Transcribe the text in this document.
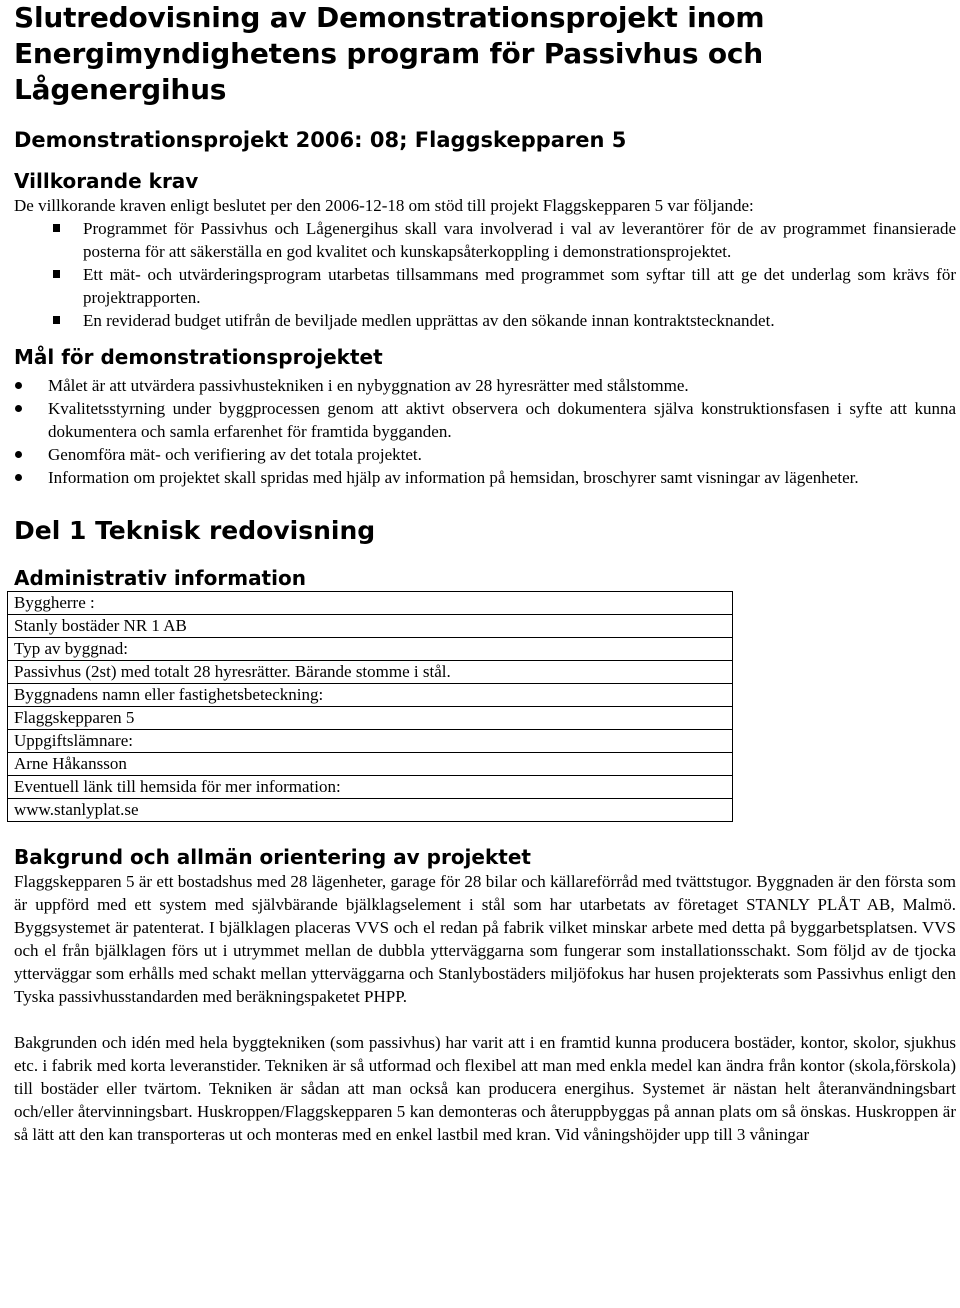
Slutredovisning av Demonstrationsprojekt inom
Energimyndighetens program för Passivhus och
Lågenergihus
Demonstrationsprojekt 2006: 08; Flaggskepparen 5
Villkorande krav
De villkorande kraven enligt beslutet per den 2006-12-18 om stöd till projekt Flaggskepparen 5 var följande:
Programmet för Passivhus och Lågenergihus skall vara involverad i val av leverantörer för de av programmet finansierade posterna för att säkerställa en god kvalitet och kunskapsåterkoppling i demonstrationsprojektet.
Ett mät- och utvärderingsprogram utarbetas tillsammans med programmet som syftar till att ge det underlag som krävs för projektrapporten.
En reviderad budget utifrån de beviljade medlen upprättas av den sökande innan kontraktstecknandet.
Mål för demonstrationsprojektet
Målet är att utvärdera passivhustekniken i en nybyggnation av 28 hyresrätter med stålstomme.
Kvalitetsstyrning under byggprocessen genom att aktivt observera och dokumentera själva konstruktionsfasen i syfte att kunna dokumentera och samla erfarenhet för framtida bygganden.
Genomföra mät- och verifiering av det totala projektet.
Information om projektet skall spridas med hjälp av information på hemsidan, broschyrer samt visningar av lägenheter.
Del 1 Teknisk redovisning
Administrativ information
Byggherre :
Stanly bostäder NR 1 AB
Typ av byggnad:
Passivhus (2st) med totalt 28 hyresrätter. Bärande stomme i stål.
Byggnadens namn eller fastighetsbeteckning:
Flaggskepparen 5
Uppgiftslämnare:
Arne Håkansson
Eventuell länk till hemsida för mer information:
www.stanlyplat.se
Bakgrund och allmän orientering av projektet
Flaggskepparen 5 är ett bostadshus med 28 lägenheter, garage för 28 bilar och källareförråd med tvättstugor. Byggnaden är den första som är uppförd med ett system med självbärande bjälklagselement i stål som har utarbetats av företaget STANLY PLÅT AB, Malmö. Byggsystemet är patenterat. I bjälklagen placeras VVS och el redan på fabrik vilket minskar arbete med detta på byggarbetsplatsen. VVS och el från bjälklagen förs ut i utrymmet mellan de dubbla ytterväggarna som fungerar som installationsschakt. Som följd av de tjocka ytterväggar som erhålls med schakt mellan ytterväggarna och Stanlybostäders miljöfokus har husen projekterats som Passivhus enligt den Tyska passivhusstandarden med beräkningspaketet PHPP.
Bakgrunden och idén med hela byggtekniken (som passivhus) har varit att i en framtid kunna producera bostäder, kontor, skolor, sjukhus etc. i fabrik med korta leveranstider. Tekniken är så utformad och flexibel att man med enkla medel kan ändra från kontor (skola,förskola) till bostäder eller tvärtom. Tekniken är sådan att man också kan producera energihus. Systemet är nästan helt återanvändningsbart och/eller återvinningsbart. Huskroppen/Flaggskepparen 5 kan demonteras och återuppbyggas på annan plats om så önskas. Huskroppen är så lätt att den kan transporteras ut och monteras med en enkel lastbil med kran. Vid våningshöjder upp till 3 våningar
